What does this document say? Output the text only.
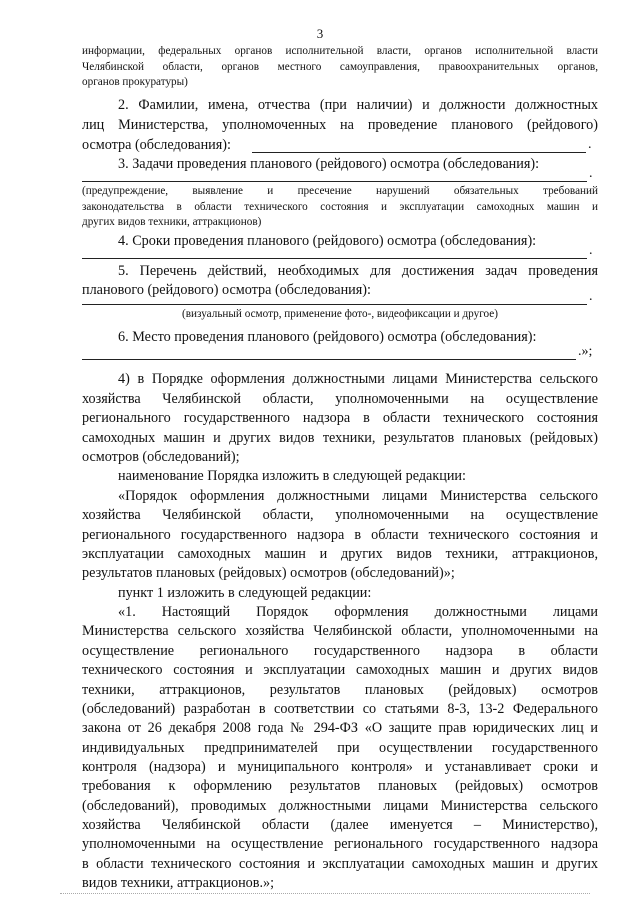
3
информации, федеральных органов исполнительной власти, органов исполнительной власти
Челябинской области, органов местного самоуправления, правоохранительных органов,
органов прокуратуры)
2. Фамилии, имена, отчества (при наличии) и должности должностных
лиц Министерства, уполномоченных на проведение планового (рейдового)
осмотра (обследования):	.
3. Задачи проведения планового (рейдового) осмотра (обследования):
.
(предупреждение, выявление и пресечение нарушений обязательных требований
законодательства в области технического состояния и эксплуатации самоходных машин и
других видов техники, аттракционов)
4. Сроки проведения планового (рейдового) осмотра (обследования):
.
5. Перечень действий, необходимых для достижения задач проведения
планового (рейдового) осмотра (обследования):	.
(визуальный осмотр, применение фото-, видеофиксации и другое)
6. Место проведения планового (рейдового) осмотра (обследования):
.»;
4) в Порядке оформления должностными лицами Министерства сельского
хозяйства Челябинской области, уполномоченными на осуществление
регионального государственного надзора в области технического состояния
самоходных машин и других видов техники, результатов плановых (рейдовых)
осмотров (обследований);
наименование Порядка изложить в следующей редакции:
«Порядок оформления должностными лицами Министерства сельского
хозяйства Челябинской области, уполномоченными на осуществление
регионального государственного надзора в области технического состояния и
эксплуатации самоходных машин и других видов техники, аттракционов,
результатов плановых (рейдовых) осмотров (обследований)»;
пункт 1 изложить в следующей редакции:
«1. Настоящий Порядок оформления должностными лицами
Министерства сельского хозяйства Челябинской области, уполномоченными на
осуществление регионального государственного надзора в области
технического состояния и эксплуатации самоходных машин и других видов
техники, аттракционов, результатов плановых (рейдовых) осмотров
(обследований) разработан в соответствии со статьями 8-3, 13-2 Федерального
закона от 26 декабря 2008 года № 294-ФЗ «О защите прав юридических лиц и
индивидуальных предпринимателей при осуществлении государственного
контроля (надзора) и муниципального контроля» и устанавливает сроки и
требования к оформлению результатов плановых (рейдовых) осмотров
(обследований), проводимых должностными лицами Министерства сельского
хозяйства Челябинской области (далее именуется – Министерство),
уполномоченными на осуществление регионального государственного надзора
в области технического состояния и эксплуатации самоходных машин и других
видов техники, аттракционов.»;
